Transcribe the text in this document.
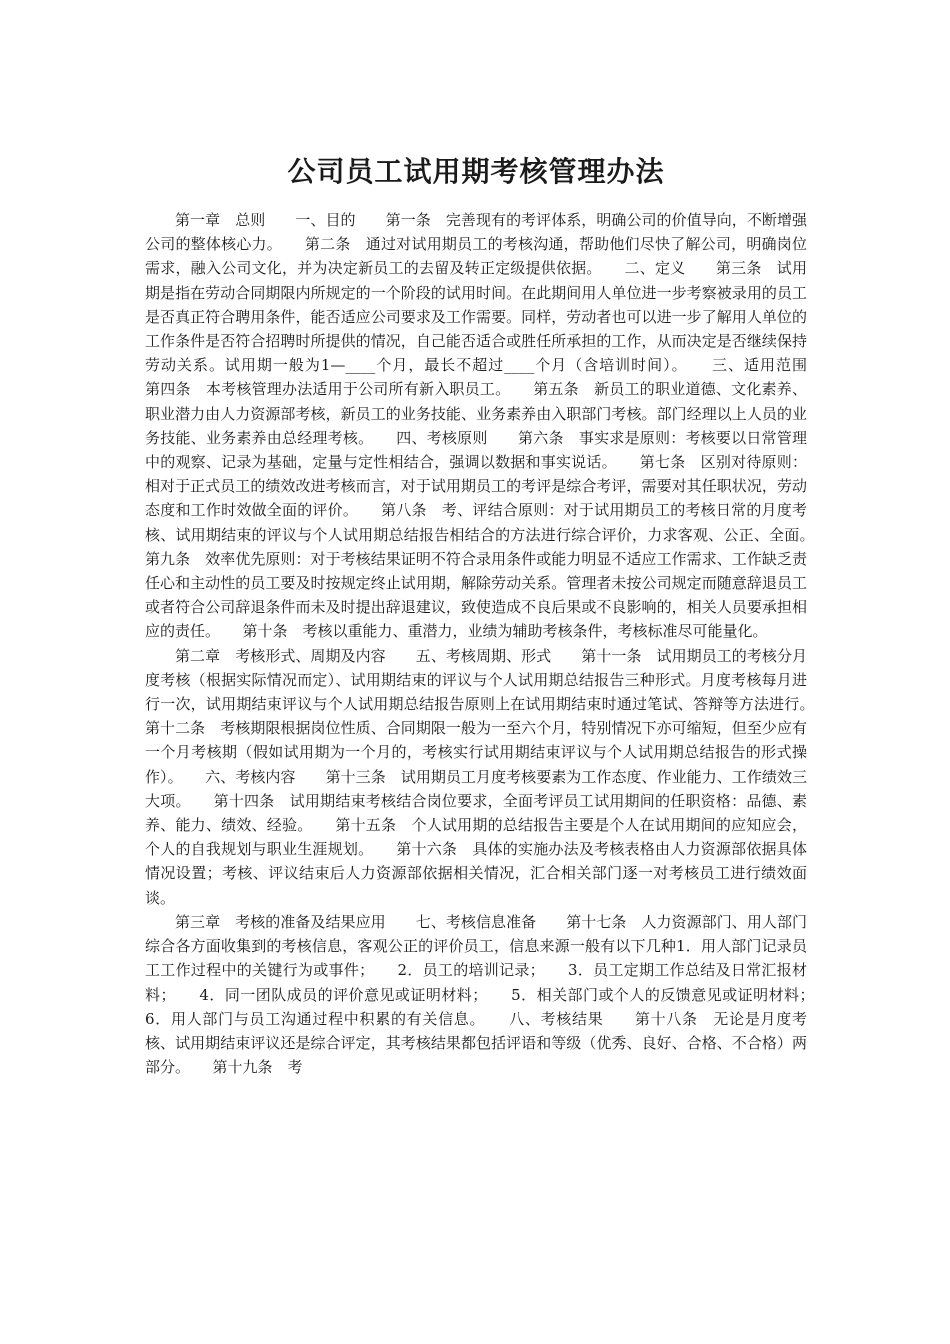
公司员工试用期考核管理办法

第一章　总则　　一、目的　　第一条　完善现有的考评体系，明确公司的价值导向，不断增强公司的整体核心力。　　第二条　通过对试用期员工的考核沟通，帮助他们尽快了解公司，明确岗位需求，融入公司文化，并为决定新员工的去留及转正定级提供依据。　　二、定义　　第三条　试用期是指在劳动合同期限内所规定的一个阶段的试用时间。在此期间用人单位进一步考察被录用的员工是否真正符合聘用条件，能否适应公司要求及工作需要。同样，劳动者也可以进一步了解用人单位的工作条件是否符合招聘时所提供的情况，自己能否适合或胜任所承担的工作，从而决定是否继续保持劳动关系。试用期一般为1—____个月，最长不超过____个月（含培训时间）。　　三、适用范围　　第四条　本考核管理办法适用于公司所有新入职员工。　　第五条　新员工的职业道德、文化素养、职业潜力由人力资源部考核，新员工的业务技能、业务素养由入职部门考核。部门经理以上人员的业务技能、业务素养由总经理考核。　　四、考核原则　　第六条　事实求是原则：考核要以日常管理中的观察、记录为基础，定量与定性相结合，强调以数据和事实说话。　　第七条　区别对待原则：相对于正式员工的绩效改进考核而言，对于试用期员工的考评是综合考评，需要对其任职状况，劳动态度和工作时效做全面的评价。　　第八条　考、评结合原则：对于试用期员工的考核日常的月度考核、试用期结束的评议与个人试用期总结报告相结合的方法进行综合评价，力求客观、公正、全面。　　第九条　效率优先原则：对于考核结果证明不符合录用条件或能力明显不适应工作需求、工作缺乏责任心和主动性的员工要及时按规定终止试用期，解除劳动关系。管理者未按公司规定而随意辞退员工或者符合公司辞退条件而未及时提出辞退建议，致使造成不良后果或不良影响的，相关人员要承担相应的责任。　　第十条　考核以重能力、重潜力，业绩为辅助考核条件，考核标准尽可能量化。

第二章　考核形式、周期及内容　　五、考核周期、形式　　第十一条　试用期员工的考核分月度考核（根据实际情况而定）、试用期结束的评议与个人试用期总结报告三种形式。月度考核每月进行一次，试用期结束评议与个人试用期总结报告原则上在试用期结束时通过笔试、答辩等方法进行。　　第十二条　考核期限根据岗位性质、合同期限一般为一至六个月，特别情况下亦可缩短，但至少应有一个月考核期（假如试用期为一个月的，考核实行试用期结束评议与个人试用期总结报告的形式操作）。　　六、考核内容　　第十三条　试用期员工月度考核要素为工作态度、作业能力、工作绩效三大项。　　第十四条　试用期结束考核结合岗位要求，全面考评员工试用期间的任职资格：品德、素养、能力、绩效、经验。　　第十五条　个人试用期的总结报告主要是个人在试用期间的应知应会，个人的自我规划与职业生涯规划。　　第十六条　具体的实施办法及考核表格由人力资源部依据具体情况设置；考核、评议结束后人力资源部依据相关情况，汇合相关部门逐一对考核员工进行绩效面谈。

第三章　考核的准备及结果应用　　七、考核信息准备　　第十七条　人力资源部门、用人部门综合各方面收集到的考核信息，客观公正的评价员工，信息来源一般有以下几种1．用人部门记录员工工作过程中的关键行为或事件；　　2．员工的培训记录；　　3．员工定期工作总结及日常汇报材料；　　4．同一团队成员的评价意见或证明材料；　　5．相关部门或个人的反馈意见或证明材料；　　6．用人部门与员工沟通过程中积累的有关信息。　　八、考核结果　　第十八条　无论是月度考核、试用期结束评议还是综合评定，其考核结果都包括评语和等级（优秀、良好、合格、不合格）两部分。　　第十九条　考
